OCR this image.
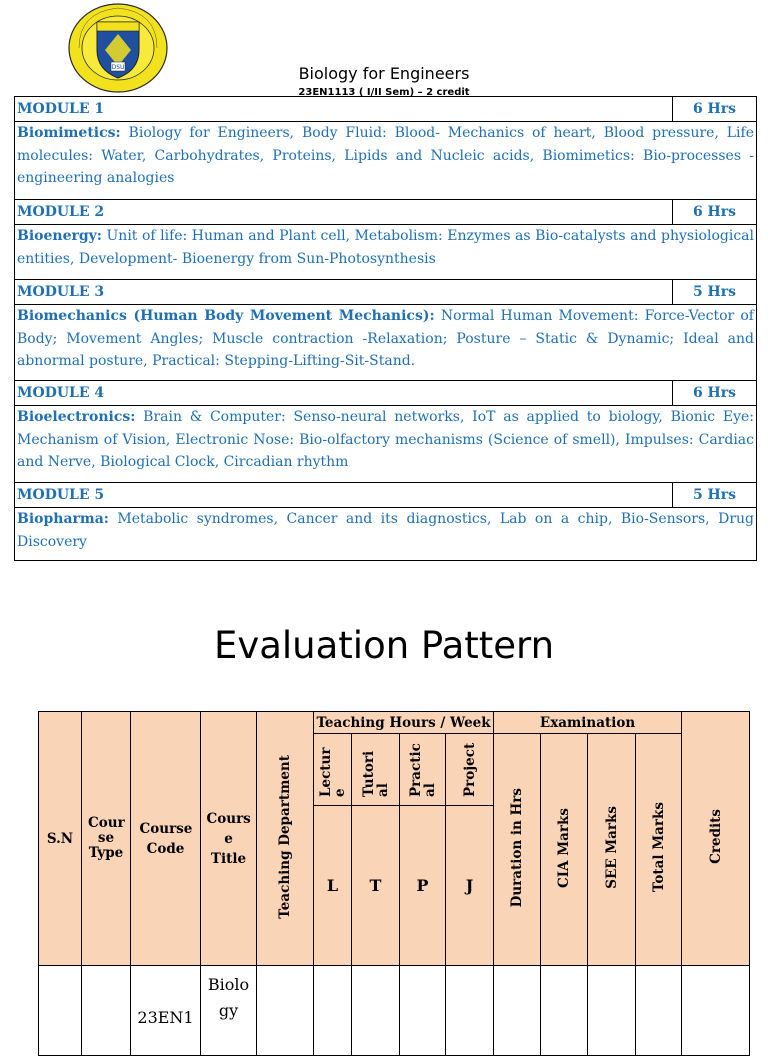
DSU	Biology for Engineers
23EN1113 ( I/II Sem) – 2 credit
MODULE 1	6 Hrs
Biomimetics: Biology for Engineers, Body Fluid: Blood- Mechanics of heart, Blood pressure, Life molecules: Water, Carbohydrates, Proteins, Lipids and Nucleic acids, Biomimetics: Bio-processes - engineering analogies	
MODULE 2	6 Hrs
Bioenergy: Unit of life: Human and Plant cell, Metabolism: Enzymes as Bio-catalysts and physiological entities, Development- Bioenergy from Sun-Photosynthesis	
MODULE 3	5 Hrs
Biomechanics (Human Body Movement Mechanics): Normal Human Movement: Force-Vector of Body; Movement Angles; Muscle contraction -Relaxation; Posture – Static & Dynamic; Ideal and abnormal posture, Practical: Stepping-Lifting-Sit-Stand.	
MODULE 4	6 Hrs
Bioelectronics: Brain & Computer: Senso-neural networks, IoT as applied to biology, Bionic Eye: Mechanism of Vision, Electronic Nose: Bio-olfactory mechanisms (Science of smell), Impulses: Cardiac and Nerve, Biological Clock, Circadian rhythm	
MODULE 5	5 Hrs
Biopharma: Metabolic syndromes, Cancer and its diagnostics, Lab on a chip, Bio-Sensors, Drug Discovery	
Evaluation Pattern
S.N	Cour se Type	Course Code	Cours e Title	Teaching Department	Teaching Hours / Week				Examination				Credits
					Lectur e	Tutori al	Practic al	Project	Duration in Hrs	CIA Marks	SEE Marks	Total Marks	
					L	T	P	J					
		23EN1	Biolo gy										
